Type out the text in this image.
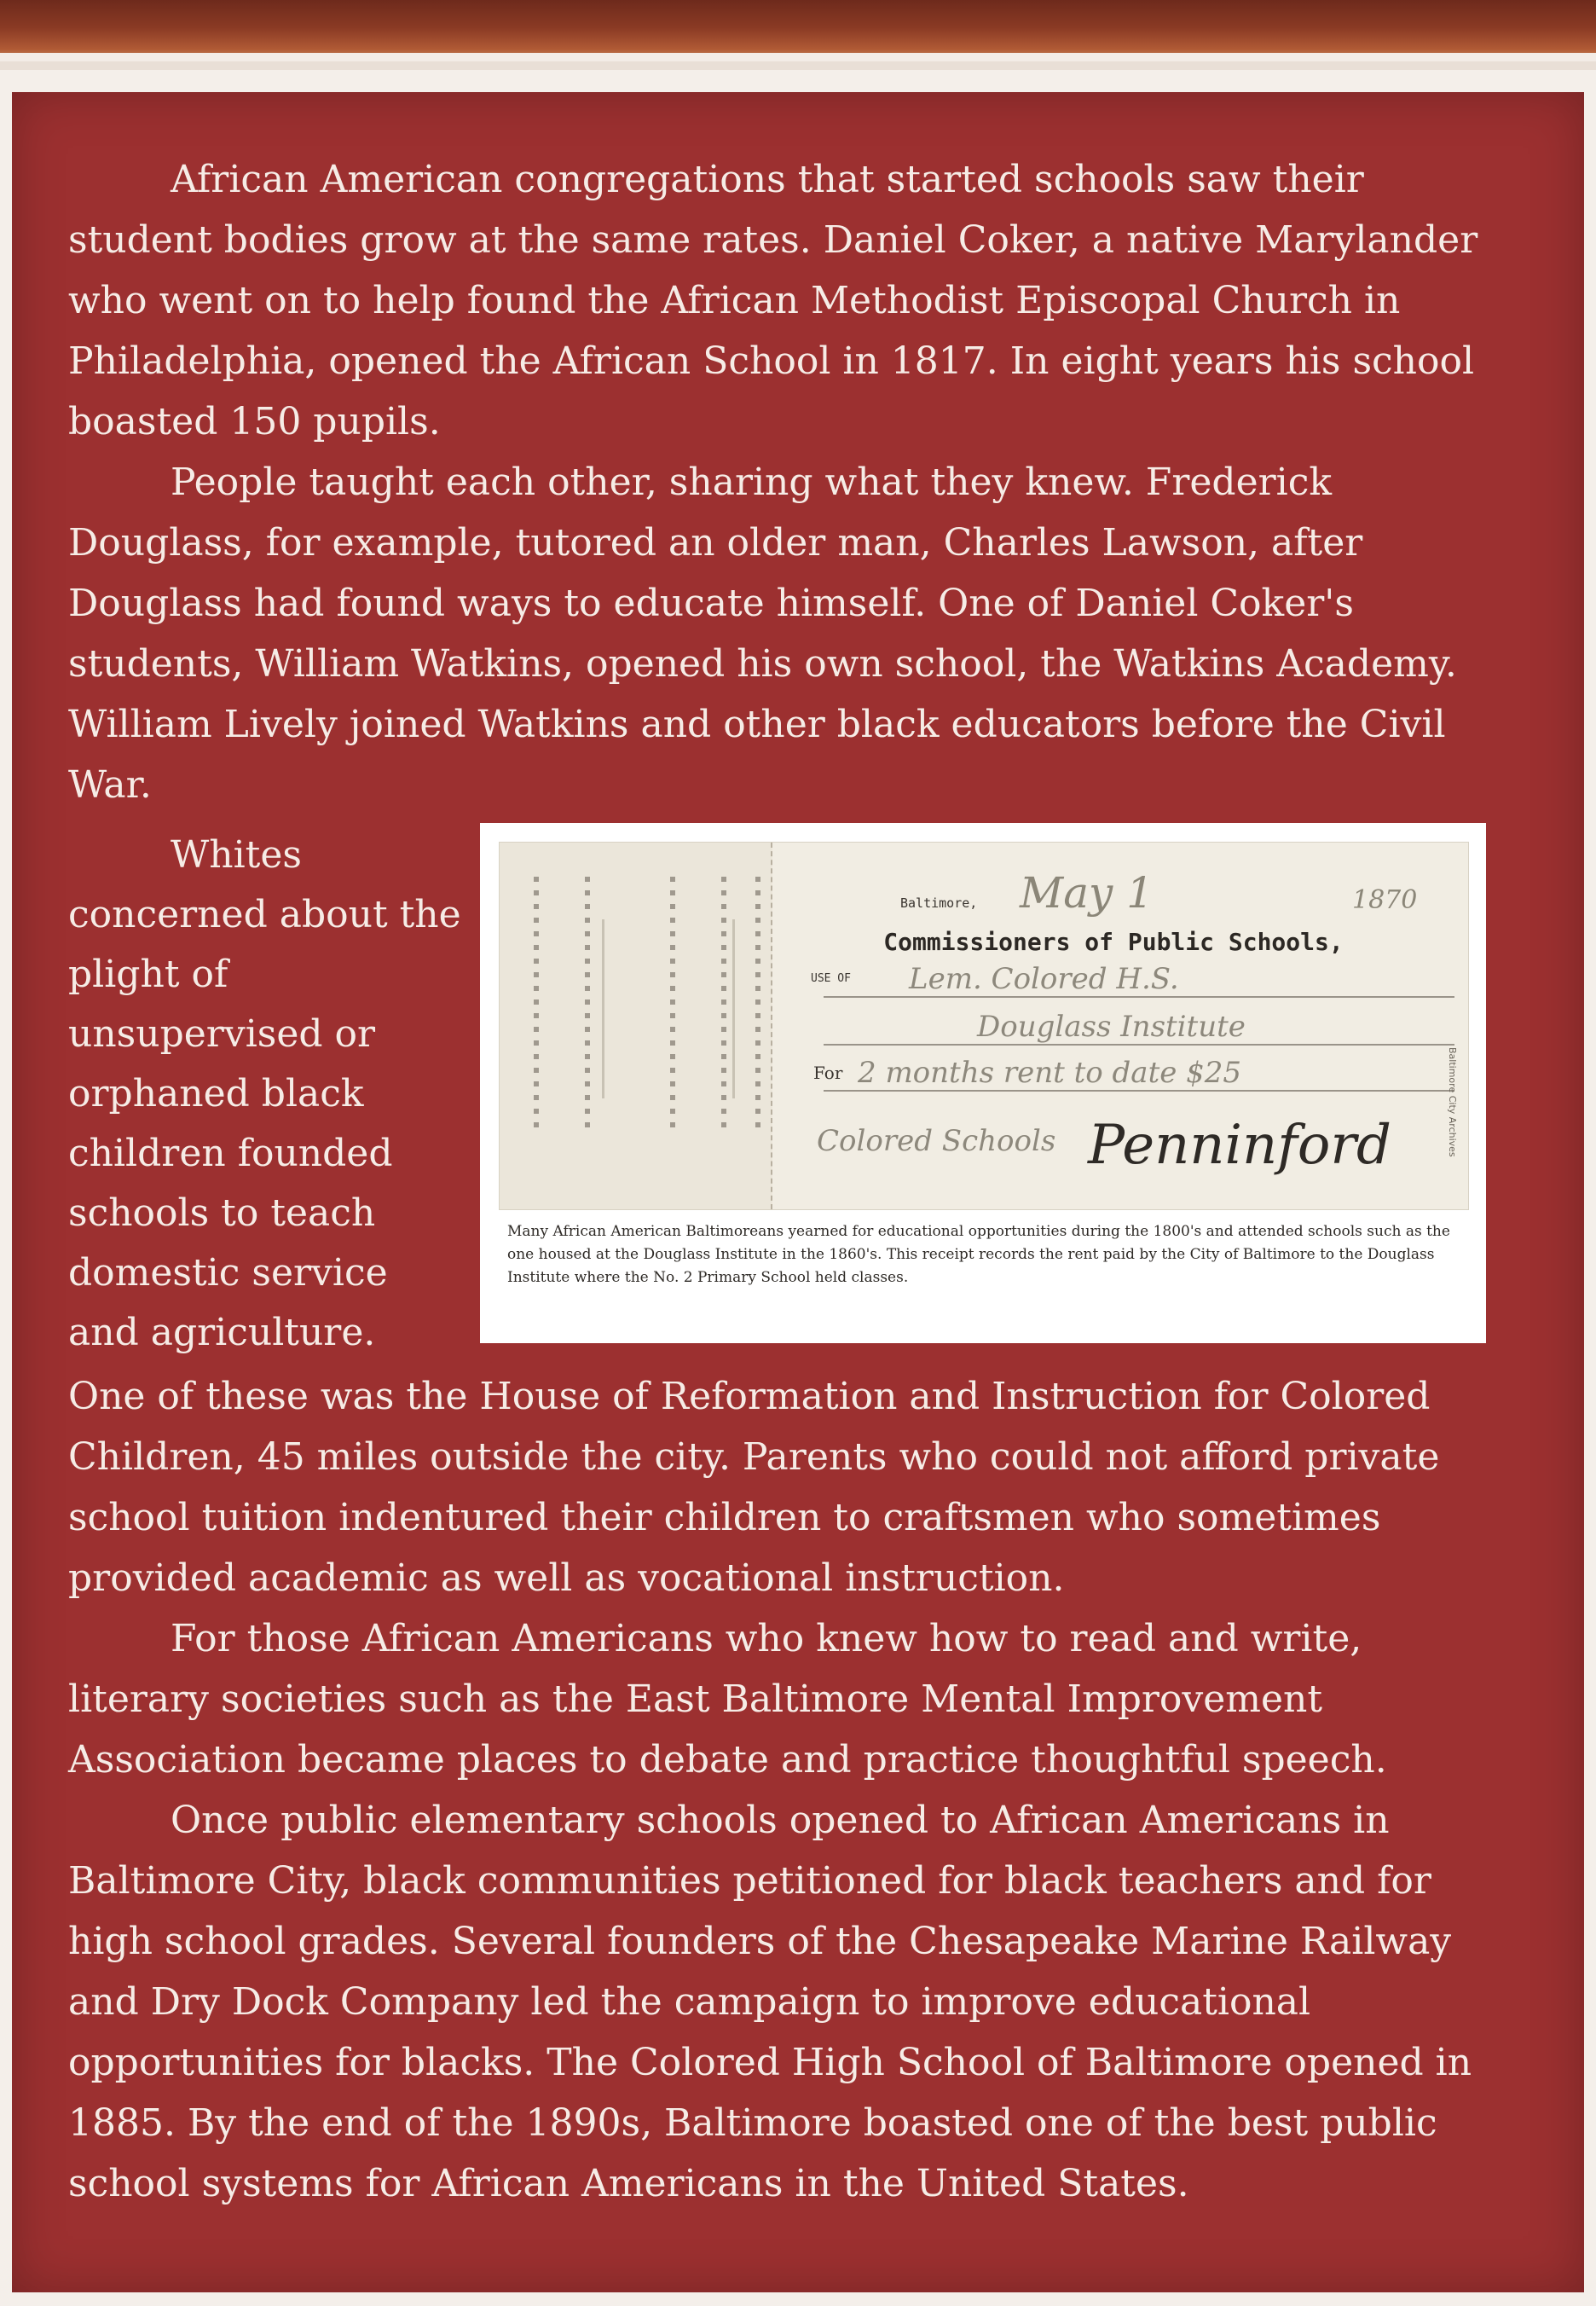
African American congregations that started schools saw their student bodies grow at the same rates. Daniel Coker, a native Marylander who went on to help found the African Methodist Episcopal Church in Philadelphia, opened the African School in 1817. In eight years his school boasted 150 pupils.

People taught each other, sharing what they knew. Frederick Douglass, for example, tutored an older man, Charles Lawson, after Douglass had found ways to educate himself. One of Daniel Coker's students, William Watkins, opened his own school, the Watkins Academy. William Lively joined Watkins and other black educators before the Civil War.

Whites concerned about the plight of unsupervised or orphaned black children founded schools to teach domestic service and agriculture.

Baltimore, May 1	1870
Commissioners of Public Schools,
USE OF Lem. Colored H.S.
Douglass Institute
For 2 months rent to date $25
Colored Schools Penninford	Baltimore City Archives
Many African American Baltimoreans yearned for educational opportunities during the 1800's and attended schools such as the one housed at the Douglass Institute in the 1860's. This receipt records the rent paid by the City of Baltimore to the Douglass Institute where the No. 2 Primary School held classes.

One of these was the House of Reformation and Instruction for Colored Children, 45 miles outside the city. Parents who could not afford private school tuition indentured their children to craftsmen who sometimes provided academic as well as vocational instruction.

For those African Americans who knew how to read and write, literary societies such as the East Baltimore Mental Improvement Association became places to debate and practice thoughtful speech.

Once public elementary schools opened to African Americans in Baltimore City, black communities petitioned for black teachers and for high school grades. Several founders of the Chesapeake Marine Railway and Dry Dock Company led the campaign to improve educational opportunities for blacks. The Colored High School of Baltimore opened in 1885. By the end of the 1890s, Baltimore boasted one of the best public school systems for African Americans in the United States.
